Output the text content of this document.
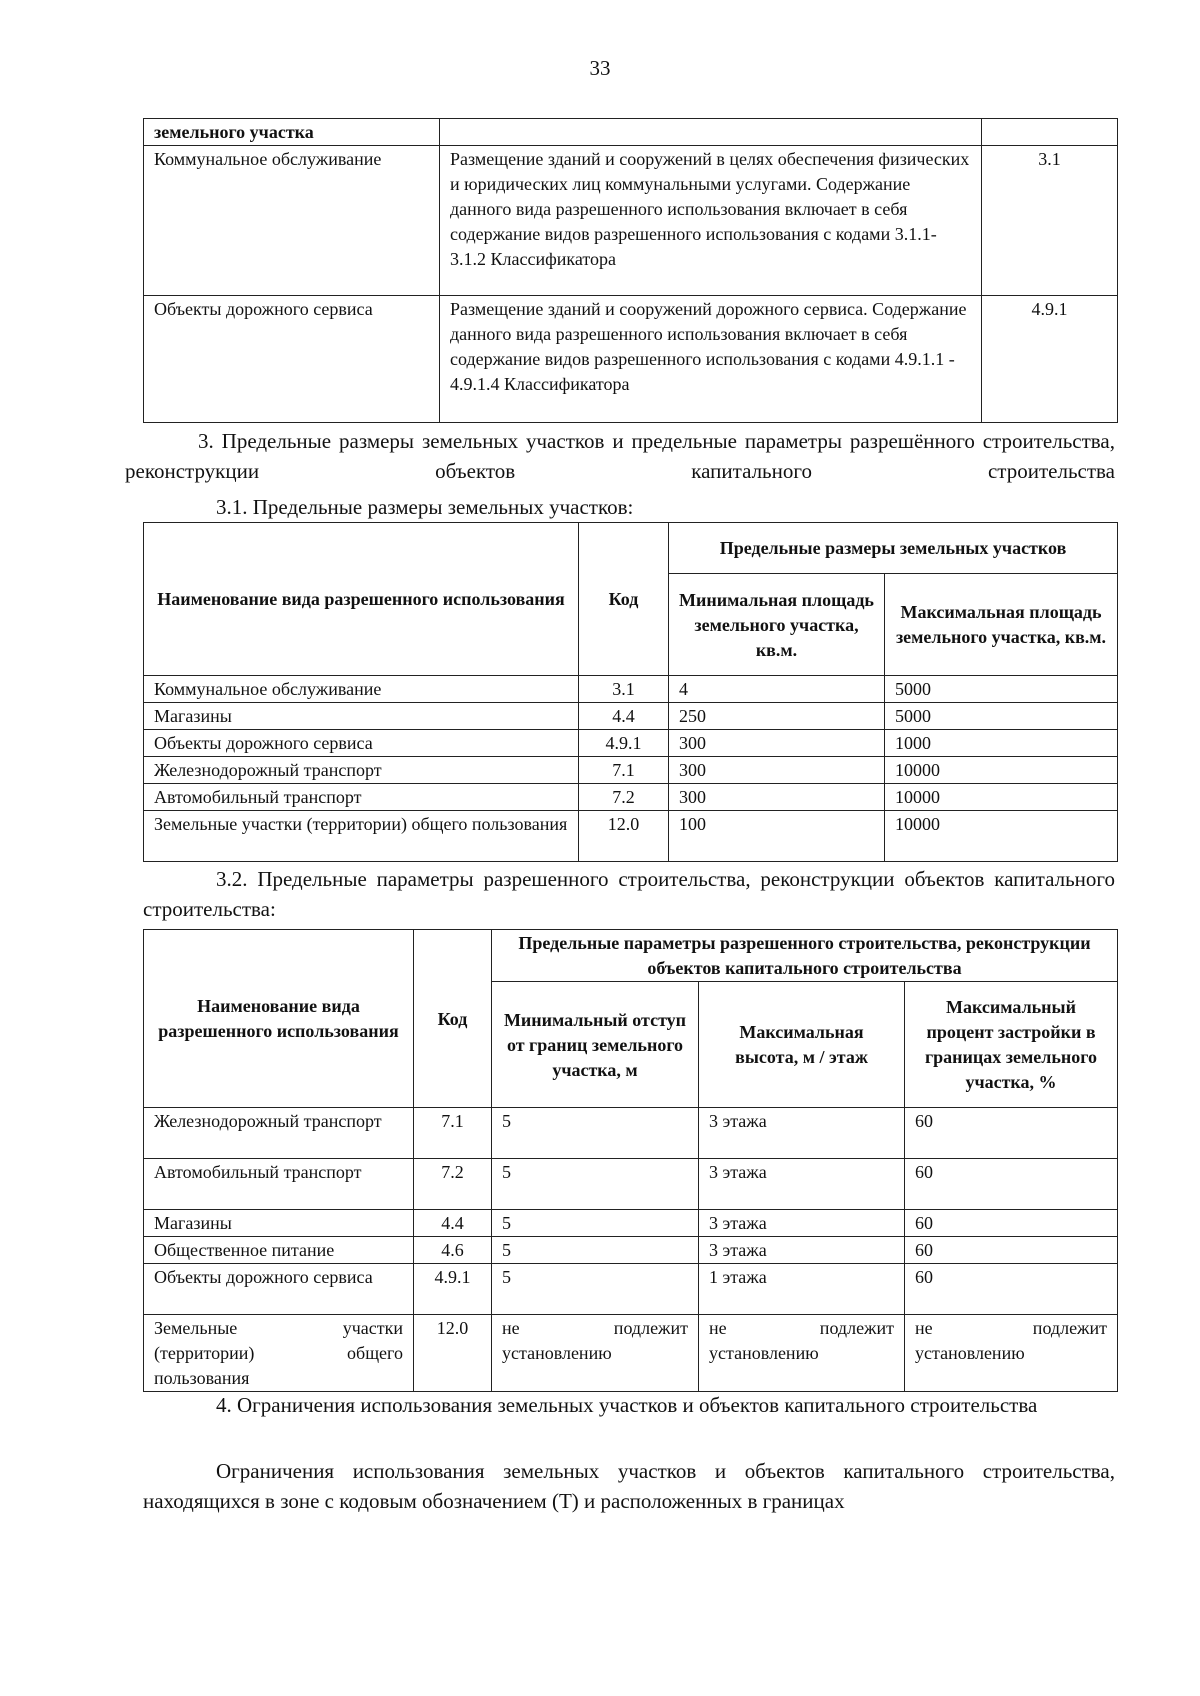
33
земельного участка		
Коммунальное обслуживание	Размещение зданий и сооружений в целях обеспечения физических и юридических лиц коммунальными услугами. Содержание данного вида разрешенного использования включает в себя содержание видов разрешенного использования с кодами 3.1.1-3.1.2 Классификатора	3.1
Объекты дорожного сервиса	Размещение зданий и сооружений дорожного сервиса. Содержание данного вида разрешенного использования включает в себя содержание видов разрешенного использования с кодами 4.9.1.1 - 4.9.1.4 Классификатора	4.9.1
3. Предельные размеры земельных участков и предельные параметры разрешённого строительства, реконструкции объектов капитального строительства
3.1. Предельные размеры земельных участков:
Наименование вида разрешенного использования	Код	Предельные размеры земельных участков	
		Минимальная площадь земельного участка, кв.м.	Максимальная площадь земельного участка, кв.м.
Коммунальное обслуживание	3.1	4	5000
Магазины	4.4	250	5000
Объекты дорожного сервиса	4.9.1	300	1000
Железнодорожный транспорт	7.1	300	10000
Автомобильный транспорт	7.2	300	10000
Земельные участки (территории) общего пользования	12.0	100	10000
3.2. Предельные параметры разрешенного строительства, реконструкции объектов капитального строительства:
Наименование вида разрешенного использования	Код	Предельные параметры разрешенного строительства, реконструкции объектов капитального строительства		
		Минимальный отступ от границ земельного участка, м	Максимальная высота, м / этаж	Максимальный процент застройки в границах земельного участка, %
Железнодорожный транспорт	7.1	5	3 этажа	60
Автомобильный транспорт	7.2	5	3 этажа	60
Магазины	4.4	5	3 этажа	60
Общественное питание	4.6	5	3 этажа	60
Объекты дорожного сервиса	4.9.1	5	1 этажа	60
Земельные участки (территории) общего пользования	12.0	не подлежит установлению	не подлежит установлению	не подлежит установлению
4. Ограничения использования земельных участков и объектов капитального строительства
Ограничения использования земельных участков и объектов капитального строительства, находящихся в зоне с кодовым обозначением (Т) и расположенных в границах
